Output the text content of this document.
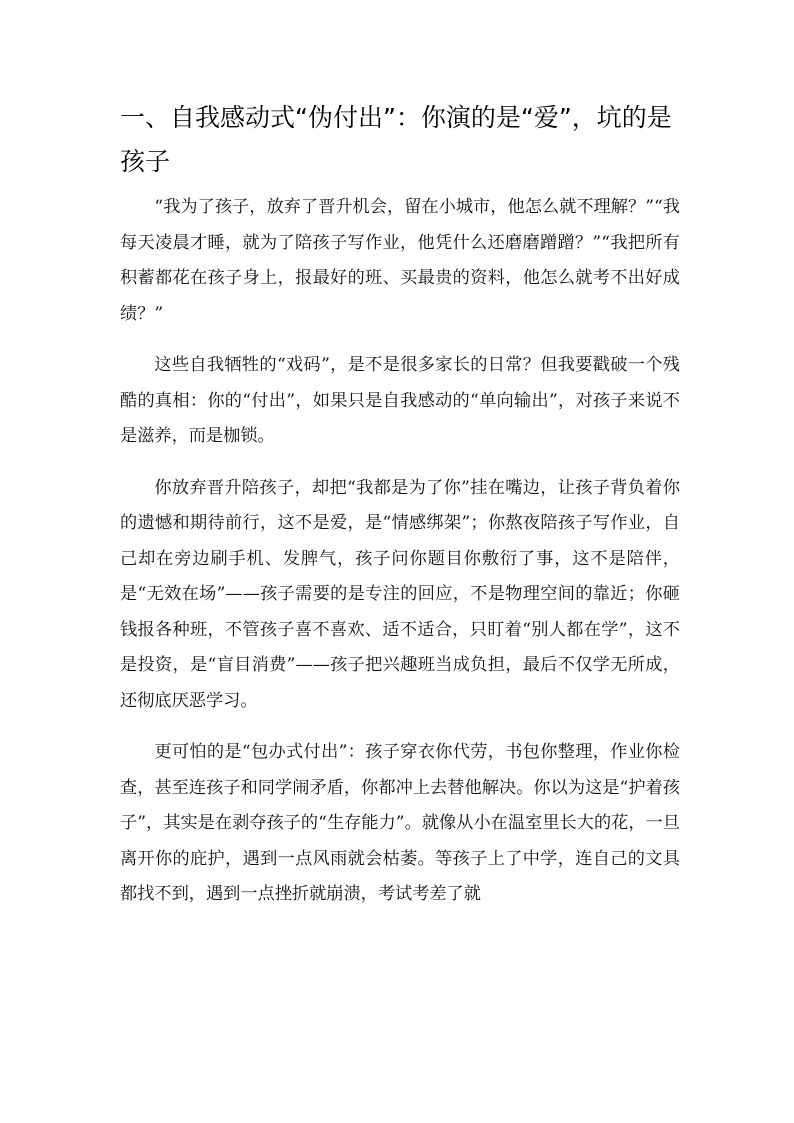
一、自我感动式“伪付出”：你演的是“爱”，坑的是孩子

“我为了孩子，放弃了晋升机会，留在小城市，他怎么就不理解？”“我每天凌晨才睡，就为了陪孩子写作业，他凭什么还磨磨蹭蹭？”“我把所有积蓄都花在孩子身上，报最好的班、买最贵的资料，他怎么就考不出好成绩？”

这些自我牺牲的“戏码”，是不是很多家长的日常？但我要戳破一个残酷的真相：你的“付出”，如果只是自我感动的“单向输出”，对孩子来说不是滋养，而是枷锁。

你放弃晋升陪孩子，却把“我都是为了你”挂在嘴边，让孩子背负着你的遗憾和期待前行，这不是爱，是“情感绑架”；你熬夜陪孩子写作业，自己却在旁边刷手机、发脾气，孩子问你题目你敷衍了事，这不是陪伴，是“无效在场”——孩子需要的是专注的回应，不是物理空间的靠近；你砸钱报各种班，不管孩子喜不喜欢、适不适合，只盯着“别人都在学”，这不是投资，是“盲目消费”——孩子把兴趣班当成负担，最后不仅学无所成，还彻底厌恶学习。

更可怕的是“包办式付出”：孩子穿衣你代劳，书包你整理，作业你检查，甚至连孩子和同学闹矛盾，你都冲上去替他解决。你以为这是“护着孩子”，其实是在剥夺孩子的“生存能力”。就像从小在温室里长大的花，一旦离开你的庇护，遇到一点风雨就会枯萎。等孩子上了中学，连自己的文具都找不到，遇到一点挫折就崩溃，考试考差了就
